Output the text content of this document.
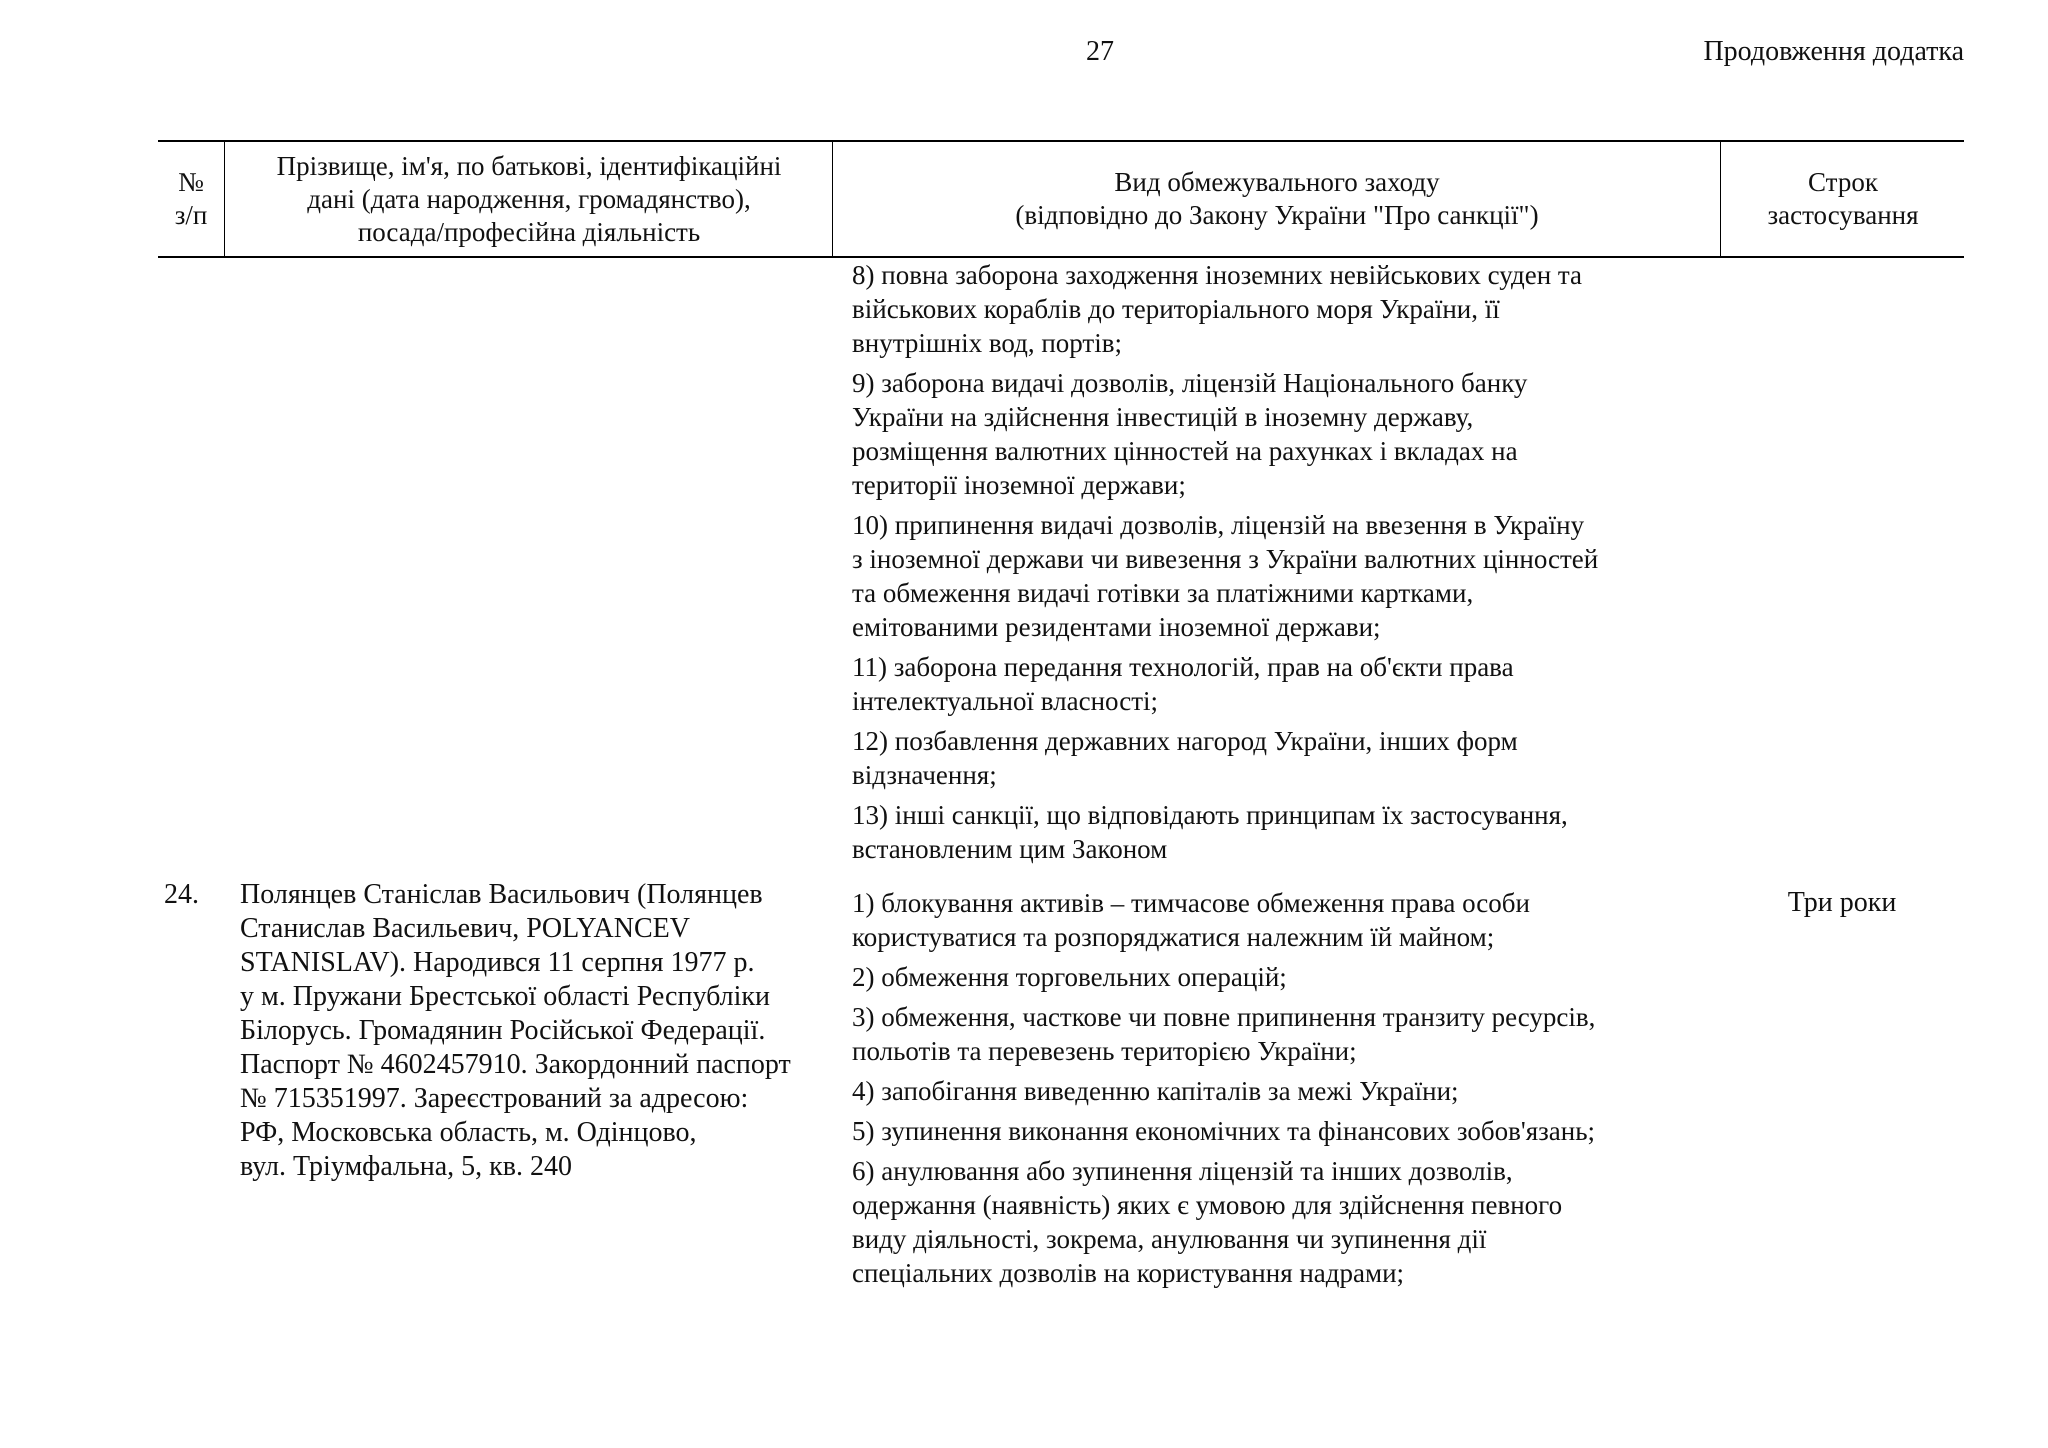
27	Продовження додатка
№
з/п
Прізвище, ім'я, по батькові, ідентифікаційні
дані (дата народження, громадянство),
посада/професійна діяльність
Вид обмежувального заходу
(відповідно до Закону України "Про санкції")
Строк
застосування
8) повна заборона заходження іноземних невійськових суден та
військових кораблів до територіального моря України, її
внутрішніх вод, портів;
9) заборона видачі дозволів, ліцензій Національного банку
України на здійснення інвестицій в іноземну державу,
розміщення валютних цінностей на рахунках і вкладах на
території іноземної держави;
10) припинення видачі дозволів, ліцензій на ввезення в Україну
з іноземної держави чи вивезення з України валютних цінностей
та обмеження видачі готівки за платіжними картками,
емітованими резидентами іноземної держави;
11) заборона передання технологій, прав на об'єкти права
інтелектуальної власності;
12) позбавлення державних нагород України, інших форм
відзначення;
13) інші санкції, що відповідають принципам їх застосування,
встановленим цим Законом
24. Полянцев Станіслав Васильович (Полянцев
Станислав Васильевич, POLYANCEV
STANISLAV). Народився 11 серпня 1977 р.
у м. Пружани Брестської області Республіки
Білорусь. Громадянин Російської Федерації.
Паспорт № 4602457910. Закордонний паспорт
№ 715351997. Зареєстрований за адресою:
РФ, Московська область, м. Одінцово,
вул. Тріумфальна, 5, кв. 240
1) блокування активів – тимчасове обмеження права особи
користуватися та розпоряджатися належним їй майном;
2) обмеження торговельних операцій;
3) обмеження, часткове чи повне припинення транзиту ресурсів,
польотів та перевезень територією України;
4) запобігання виведенню капіталів за межі України;
5) зупинення виконання економічних та фінансових зобов'язань;
6) анулювання або зупинення ліцензій та інших дозволів,
одержання (наявність) яких є умовою для здійснення певного
виду діяльності, зокрема, анулювання чи зупинення дії
спеціальних дозволів на користування надрами;
Три роки
